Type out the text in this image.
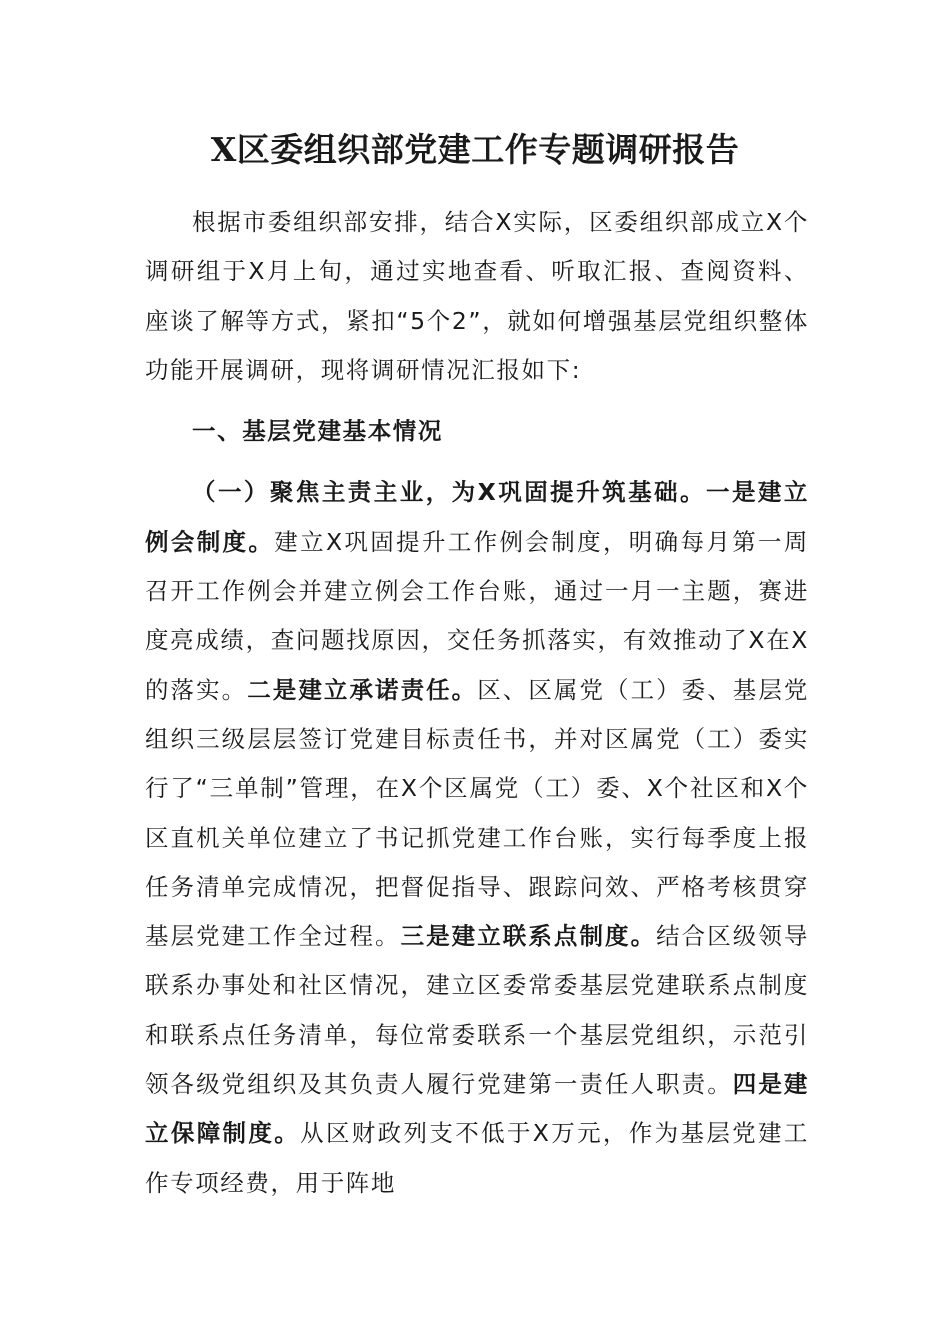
X区委组织部党建工作专题调研报告

根据市委组织部安排，结合X实际，区委组织部成立X个调研组于X月上旬，通过实地查看、听取汇报、查阅资料、座谈了解等方式，紧扣“5个2”，就如何增强基层党组织整体功能开展调研，现将调研情况汇报如下:

一、基层党建基本情况

（一）聚焦主责主业，为X巩固提升筑基础。一是建立例会制度。建立X巩固提升工作例会制度，明确每月第一周召开工作例会并建立例会工作台账，通过一月一主题，赛进度亮成绩，查问题找原因，交任务抓落实，有效推动了X在X的落实。二是建立承诺责任。区、区属党（工）委、基层党组织三级层层签订党建目标责任书，并对区属党（工）委实行了“三单制”管理，在X个区属党（工）委、X个社区和X个区直机关单位建立了书记抓党建工作台账，实行每季度上报任务清单完成情况，把督促指导、跟踪问效、严格考核贯穿基层党建工作全过程。三是建立联系点制度。结合区级领导联系办事处和社区情况，建立区委常委基层党建联系点制度和联系点任务清单，每位常委联系一个基层党组织，示范引领各级党组织及其负责人履行党建第一责任人职责。四是建立保障制度。从区财政列支不低于X万元，作为基层党建工作专项经费，用于阵地
